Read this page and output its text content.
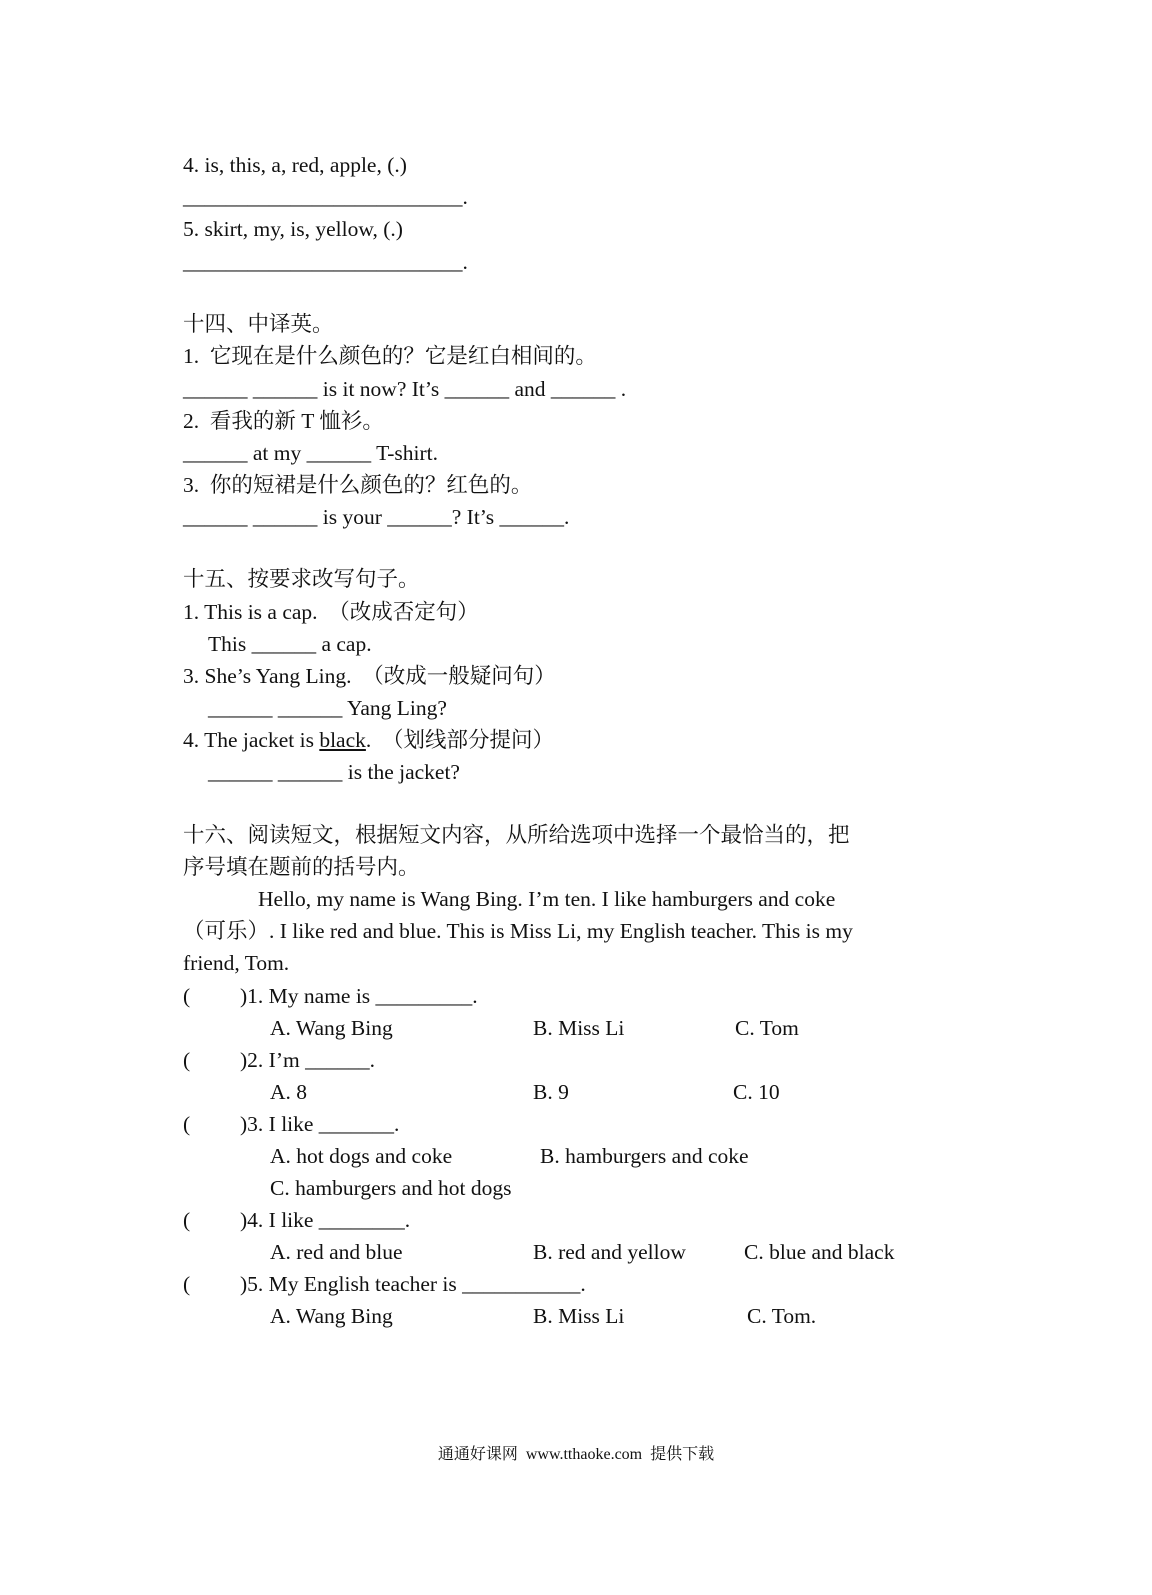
4. is, this, a, red, apple, (.)
__________________________.
5. skirt, my, is, yellow, (.)
__________________________.
十四、中译英。
1.  它现在是什么颜色的？它是红白相间的。
______ ______ is it now? It’s ______ and ______ .
2.  看我的新 T 恤衫。
______ at my ______ T-shirt.
3.  你的短裙是什么颜色的？红色的。
______ ______ is your ______? It’s ______.
十五、按要求改写句子。
1. This is a cap.  （改成否定句）
This ______ a cap.
3. She’s Yang Ling.  （改成一般疑问句）
______ ______ Yang Ling?
4. The jacket is black.  （划线部分提问）
______ ______ is the jacket?
十六、阅读短文，根据短文内容，从所给选项中选择一个最恰当的，把
序号填在题前的括号内。
Hello, my name is Wang Bing. I’m ten. I like hamburgers and coke
（可乐）. I like red and blue. This is Miss Li, my English teacher. This is my
friend, Tom.
( )1. My name is _________.
A. Wang Bing	B. Miss Li	C. Tom
( )2. I’m ______.
A. 8	B. 9	C. 10
( )3. I like _______.
A. hot dogs and coke	B. hamburgers and coke
C. hamburgers and hot dogs
( )4. I like ________.
A. red and blue	B. red and yellow	C. blue and black
( )5. My English teacher is ___________.
A. Wang Bing	B. Miss Li	C. Tom.
通通好课网  www.tthaoke.com  提供下载
